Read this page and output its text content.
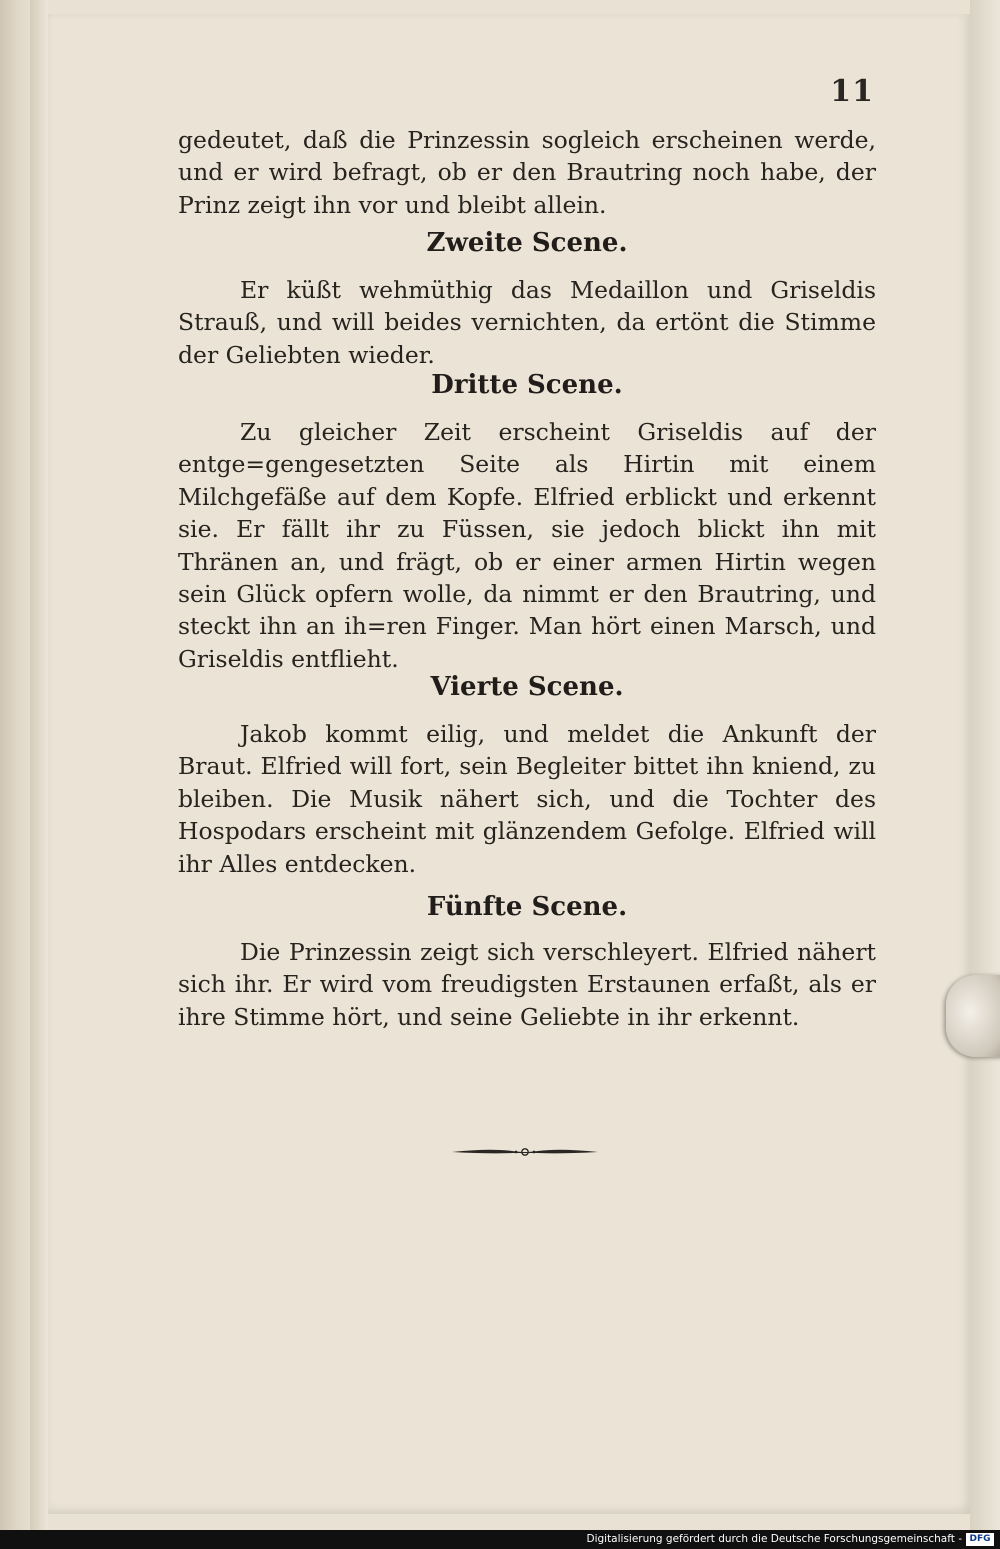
11

gedeutet, daß die Prinzessin sogleich erscheinen werde, und er wird befragt, ob er den Brautring noch habe, der Prinz zeigt ihn vor und bleibt allein.

Zweite Scene.

Er küßt wehmüthig das Medaillon und Griseldis Strauß, und will beides vernichten, da ertönt die Stimme der Geliebten wieder.

Dritte Scene.

Zu gleicher Zeit erscheint Griseldis auf der entge=gengesetzten Seite als Hirtin mit einem Milchgefäße auf dem Kopfe. Elfried erblickt und erkennt sie. Er fällt ihr zu Füssen, sie jedoch blickt ihn mit Thränen an, und frägt, ob er einer armen Hirtin wegen sein Glück opfern wolle, da nimmt er den Brautring, und steckt ihn an ih=ren Finger. Man hört einen Marsch, und Griseldis entflieht.

Vierte Scene.

Jakob kommt eilig, und meldet die Ankunft der Braut. Elfried will fort, sein Begleiter bittet ihn kniend, zu bleiben. Die Musik nähert sich, und die Tochter des Hospodars erscheint mit glänzendem Gefolge. Elfried will ihr Alles entdecken.

Fünfte Scene.

Die Prinzessin zeigt sich verschleyert. Elfried nähert sich ihr. Er wird vom freudigsten Erstaunen erfaßt, als er ihre Stimme hört, und seine Geliebte in ihr erkennt.

Digitalisierung gefördert durch die Deutsche Forschungsgemeinschaft - DFG
